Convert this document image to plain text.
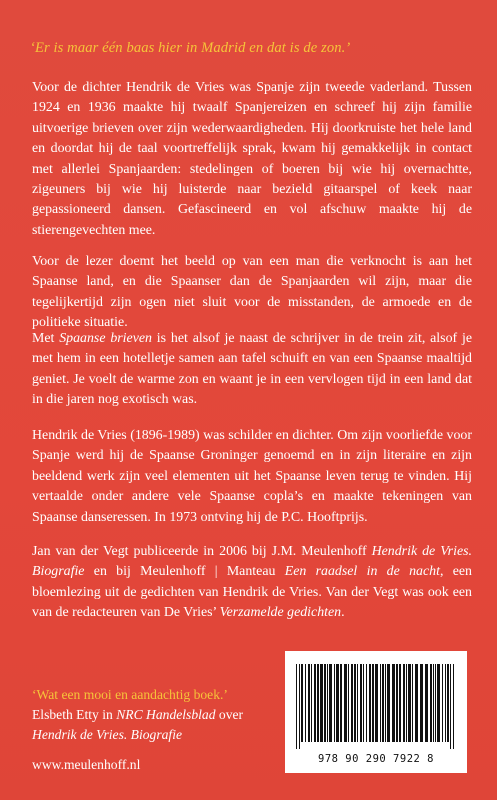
‘Er is maar één baas hier in Madrid en dat is de zon.’

Voor de dichter Hendrik de Vries was Spanje zijn tweede vaderland. Tussen 1924 en 1936 maakte hij twaalf Spanjereizen en schreef hij zijn familie uitvoerige brieven over zijn wederwaardigheden. Hij doorkruiste het hele land en doordat hij de taal voortreffelijk sprak, kwam hij gemakkelijk in contact met allerlei Spanjaarden: stedelingen of boeren bij wie hij overnachtte, zigeuners bij wie hij luisterde naar bezield gitaarspel of keek naar gepassioneerd dansen. Gefascineerd en vol afschuw maakte hij de stierengevechten mee.

Voor de lezer doemt het beeld op van een man die verknocht is aan het Spaanse land, en die Spaanser dan de Spanjaarden wil zijn, maar die tegelijkertijd zijn ogen niet sluit voor de misstanden, de armoede en de politieke situatie.

Met Spaanse brieven is het alsof je naast de schrijver in de trein zit, alsof je met hem in een hotelletje samen aan tafel schuift en van een Spaanse maaltijd geniet. Je voelt de warme zon en waant je in een vervlogen tijd in een land dat in die jaren nog exotisch was.

Hendrik de Vries (1896-1989) was schilder en dichter. Om zijn voorliefde voor Spanje werd hij de Spaanse Groninger genoemd en in zijn literaire en zijn beeldend werk zijn veel elementen uit het Spaanse leven terug te vinden. Hij vertaalde onder andere vele Spaanse copla’s en maakte tekeningen van Spaanse danseressen. In 1973 ontving hij de P.C. Hooftprijs.

Jan van der Vegt publiceerde in 2006 bij J.M. Meulenhoff Hendrik de Vries. Biografie en bij Meulenhoff | Manteau Een raadsel in de nacht, een bloemlezing uit de gedichten van Hendrik de Vries. Van der Vegt was ook een van de redacteuren van De Vries’ Verzamelde gedichten.

‘Wat een mooi en aandachtig boek.’
Elsbeth Etty in NRC Handelsblad over
Hendrik de Vries. Biografie
www.meulenhoff.nl	978 90 290 7922 8
